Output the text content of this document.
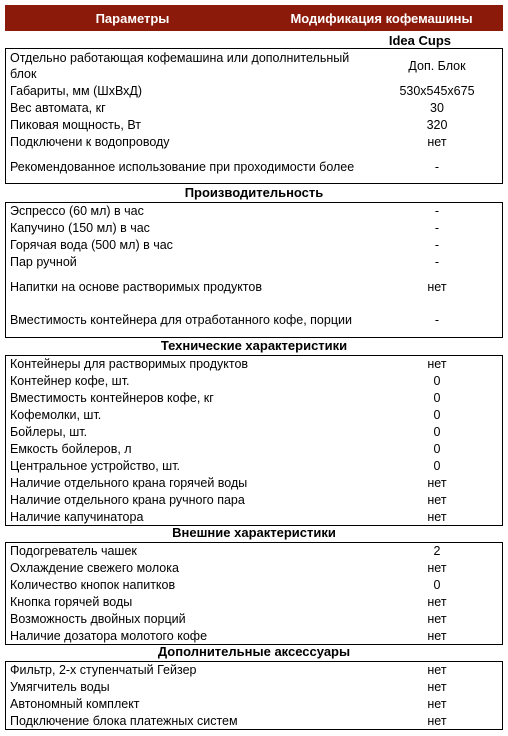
Параметры	Модификация кофемашины
Idea Cups
Отдельно работающая кофемашина или дополнительный блок	Доп. Блок
Габариты, мм (ШхВхД)	530х545х675
Вес автомата, кг	30
Пиковая мощность, Вт	320
Подключени к водопроводу	нет
Рекомендованное использование при проходимости более	-
Производительность
Эспрессо (60 мл) в час	-
Капучино (150 мл) в час	-
Горячая вода (500 мл) в час	-
Пар ручной	-
Напитки на основе растворимых продуктов	нет
Вместимость контейнера для отработанного кофе, порции	-
Технические характеристики
Контейнеры для растворимых продуктов	нет
Контейнер кофе, шт.	0
Вместимость контейнеров кофе, кг	0
Кофемолки, шт.	0
Бойлеры, шт.	0
Емкость бойлеров, л	0
Центральное устройство, шт.	0
Наличие отдельного крана горячей воды	нет
Наличие отдельного крана ручного пара	нет
Наличие капучинатора	нет
Внешние характеристики
Подогреватель чашек	2
Охлаждение свежего молока	нет
Количество кнопок напитков	0
Кнопка горячей воды	нет
Возможность двойных порций	нет
Наличие дозатора молотого кофе	нет
Дополнительные аксессуары
Фильтр, 2-х ступенчатый Гейзер	нет
Умягчитель воды	нет
Автономный комплект	нет
Подключение блока платежных систем	нет
